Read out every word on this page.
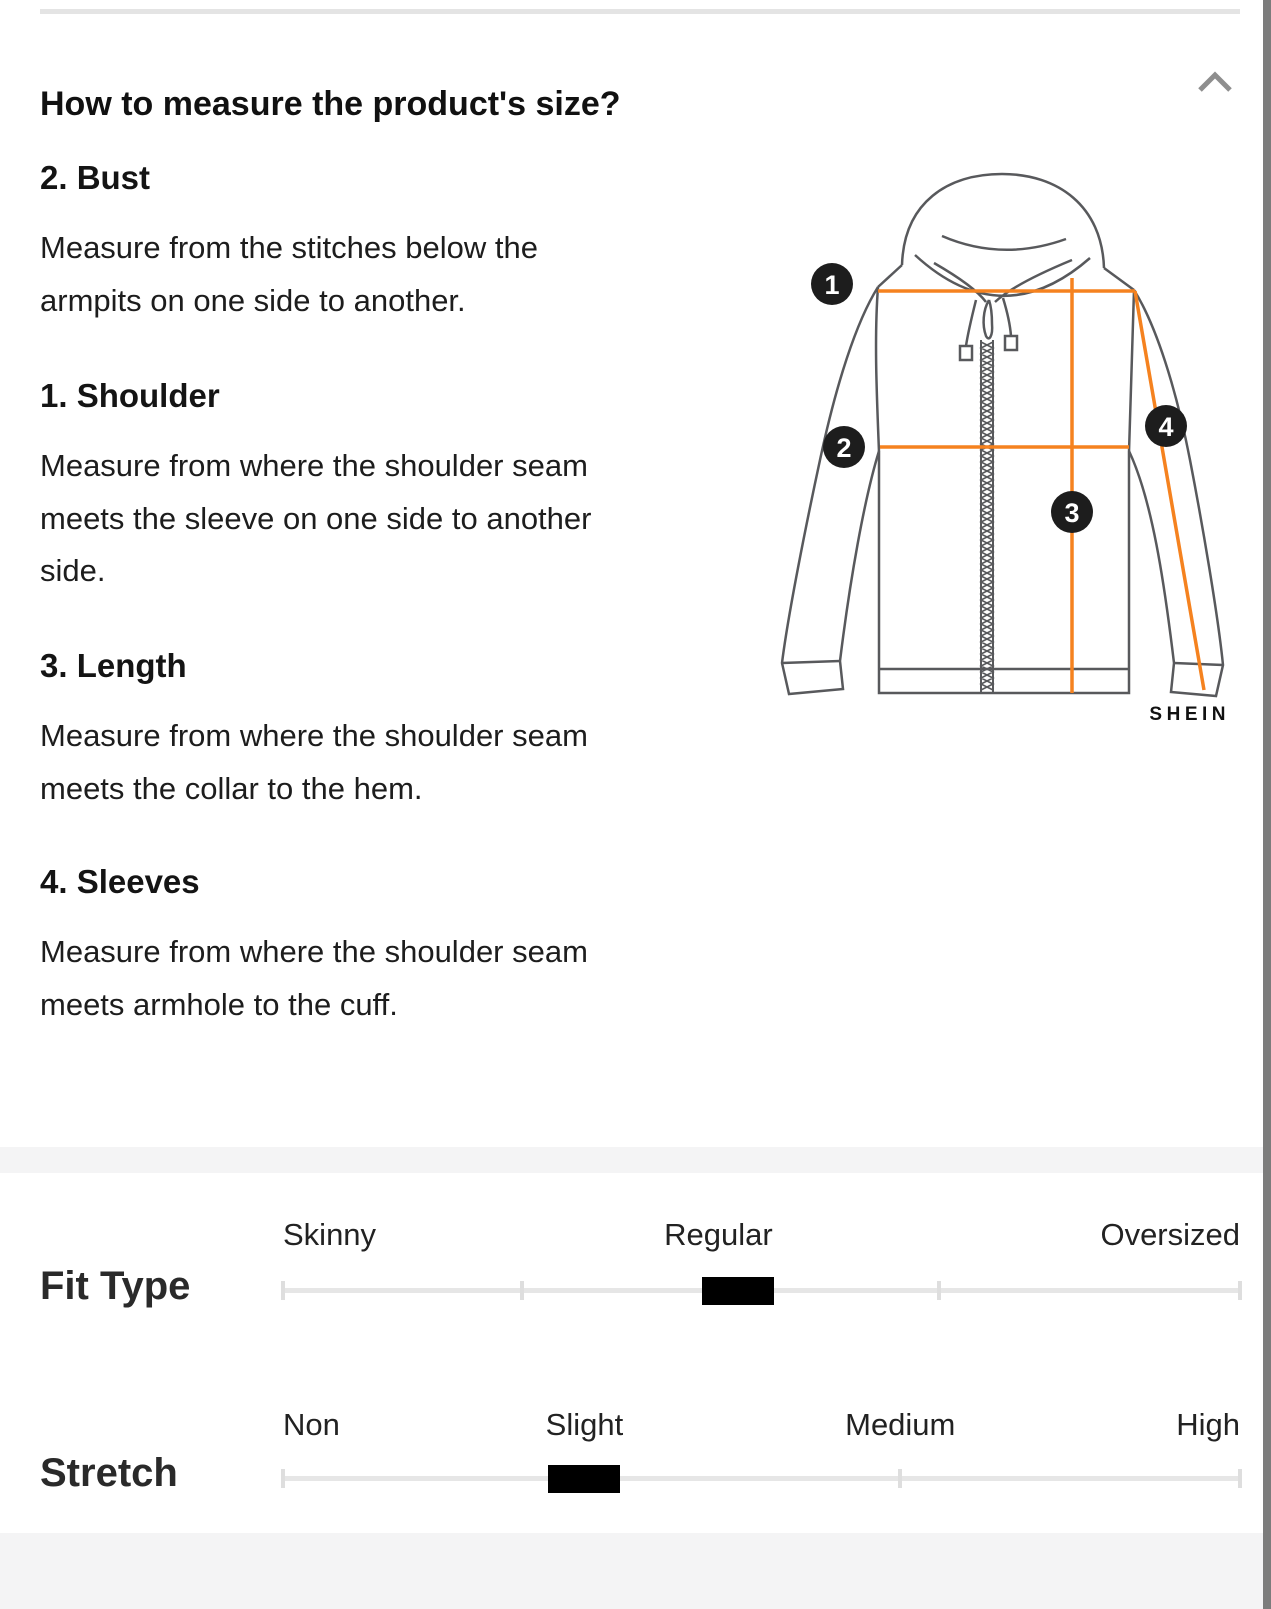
How to measure the product's size?
2. Bust
Measure from the stitches below the
armpits on one side to another.
1. Shoulder
Measure from where the shoulder seam
meets the sleeve on one side to another
side.
3. Length
Measure from where the shoulder seam
meets the collar to the hem.
4. Sleeves
Measure from where the shoulder seam
meets armhole to the cuff.
1
2
3
4
SHEIN
Fit Type
Skinny	Regular	Oversized
Stretch
Non	Slight	Medium	High
